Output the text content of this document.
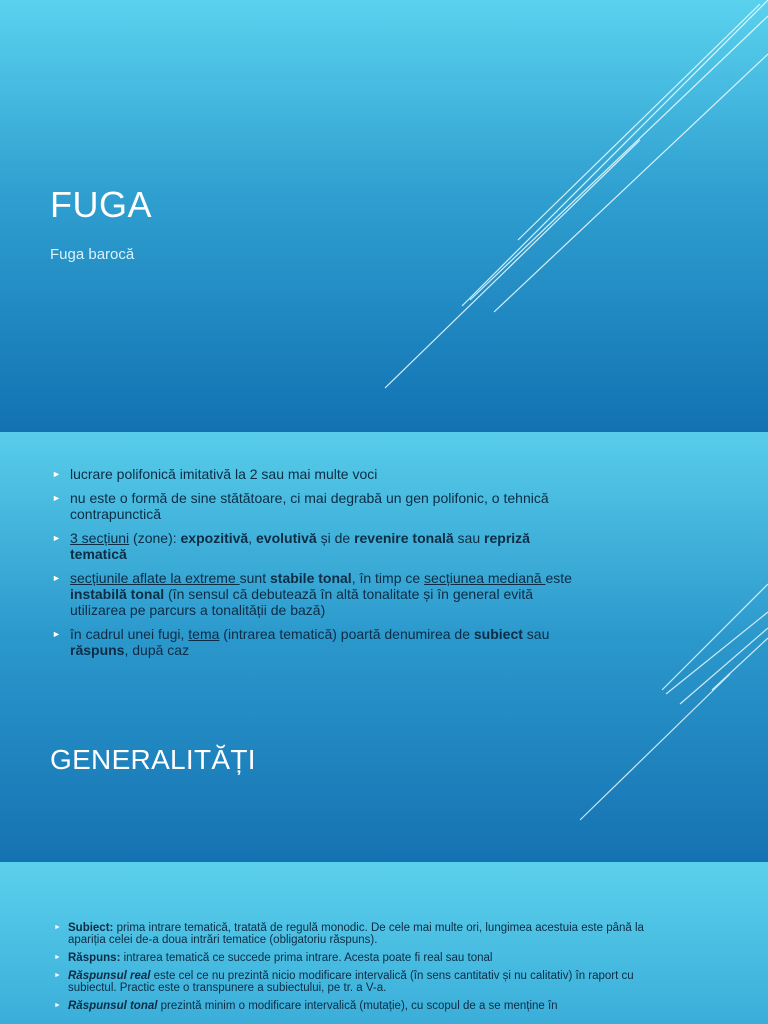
FUGA
Fuga barocă
► lucrare polifonică imitativă la 2 sau mai multe voci
► nu este o formă de sine stătătoare, ci mai degrabă un gen polifonic, o tehnică contrapunctică
► 3 secțiuni (zone): expozitivă, evolutivă și de revenire tonală sau repriză tematică
► secțiunile aflate la extreme sunt stabile tonal, în timp ce secțiunea mediană este instabilă tonal (în sensul că debutează în altă tonalitate și în general evită utilizarea pe parcurs a tonalității de bază)
► în cadrul unei fugi, tema (intrarea tematică) poartă denumirea de subiect sau răspuns, după caz
GENERALITĂȚI
► Subiect: prima intrare tematică, tratată de regulă monodic. De cele mai multe ori, lungimea acestuia este până la apariția celei de-a doua intrări tematice (obligatoriu răspuns).
► Răspuns: intrarea tematică ce succede prima intrare. Acesta poate fi real sau tonal
► Răspunsul real este cel ce nu prezintă nicio modificare intervalică (în sens cantitativ și nu calitativ) în raport cu subiectul. Practic este o transpunere a subiectului, pe tr. a V-a.
► Răspunsul tonal prezintă minim o modificare intervalică (mutație), cu scopul de a se menține în
